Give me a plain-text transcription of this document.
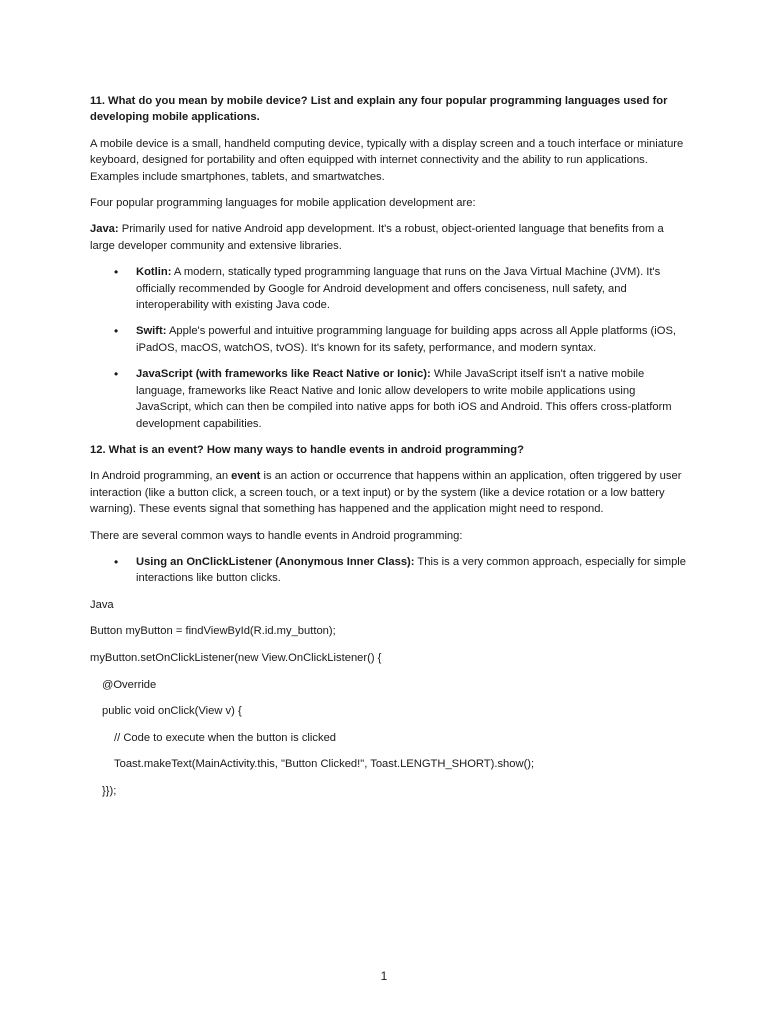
11. What do you mean by mobile device? List and explain any four popular programming languages used for developing mobile applications.

A mobile device is a small, handheld computing device, typically with a display screen and a touch interface or miniature keyboard, designed for portability and often equipped with internet connectivity and the ability to run applications. Examples include smartphones, tablets, and smartwatches.

Four popular programming languages for mobile application development are:

Java: Primarily used for native Android app development. It's a robust, object-oriented language that benefits from a large developer community and extensive libraries.

• Kotlin: A modern, statically typed programming language that runs on the Java Virtual Machine (JVM). It's officially recommended by Google for Android development and offers conciseness, null safety, and interoperability with existing Java code.
• Swift: Apple's powerful and intuitive programming language for building apps across all Apple platforms (iOS, iPadOS, macOS, watchOS, tvOS). It's known for its safety, performance, and modern syntax.
• JavaScript (with frameworks like React Native or Ionic): While JavaScript itself isn't a native mobile language, frameworks like React Native and Ionic allow developers to write mobile applications using JavaScript, which can then be compiled into native apps for both iOS and Android. This offers cross-platform development capabilities.
12. What is an event? How many ways to handle events in android programming?

In Android programming, an event is an action or occurrence that happens within an application, often triggered by user interaction (like a button click, a screen touch, or a text input) or by the system (like a device rotation or a low battery warning). These events signal that something has happened and the application might need to respond.

There are several common ways to handle events in Android programming:

• Using an OnClickListener (Anonymous Inner Class): This is a very common approach, especially for simple interactions like button clicks.
Java
Button myButton = findViewById(R.id.my_button);
myButton.setOnClickListener(new View.OnClickListener() {
@Override
public void onClick(View v) {
// Code to execute when the button is clicked
Toast.makeText(MainActivity.this, "Button Clicked!", Toast.LENGTH_SHORT).show();
}});
1
